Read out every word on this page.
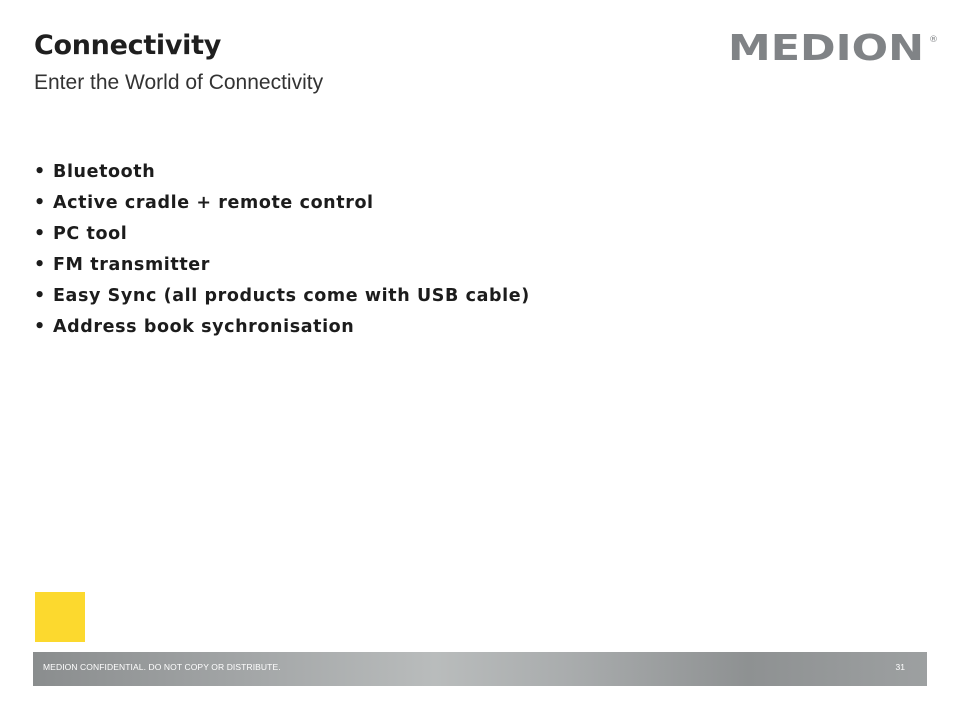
Connectivity
Enter the World of Connectivity
MEDION ®
• Bluetooth
• Active cradle + remote control
• PC tool
• FM transmitter
• Easy Sync (all products come with USB cable)
• Address book sychronisation
MEDION CONFIDENTIAL. DO NOT COPY OR DISTRIBUTE.	31
